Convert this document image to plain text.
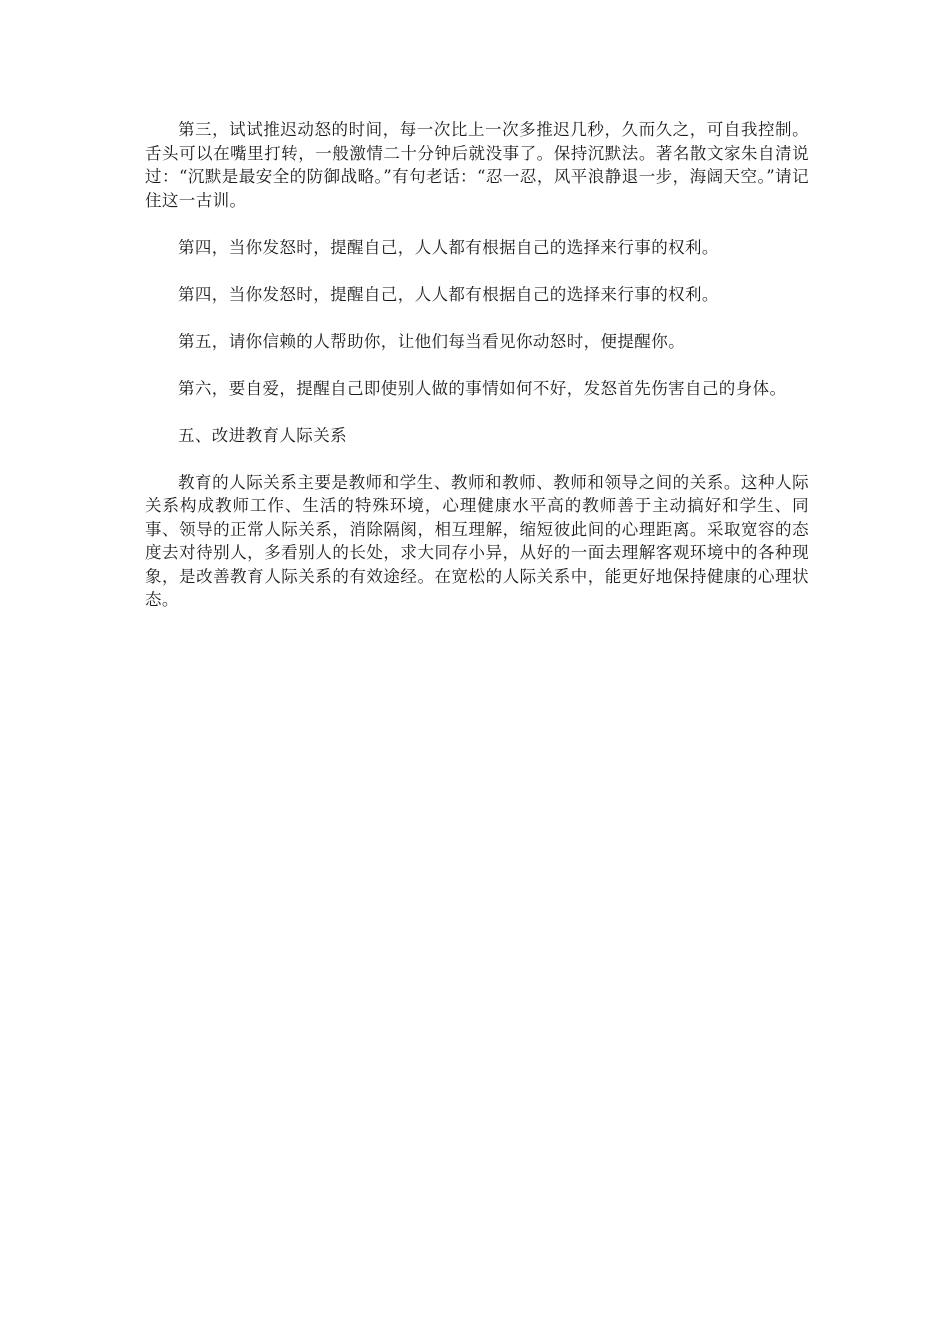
第三，试试推迟动怒的时间，每一次比上一次多推迟几秒，久而久之，可自我控制。舌头可以在嘴里打转，一般激情二十分钟后就没事了。保持沉默法。著名散文家朱自清说过：“沉默是最安全的防御战略。”有句老话：“忍一忍，风平浪静退一步，海阔天空。”请记住这一古训。

第四，当你发怒时，提醒自己，人人都有根据自己的选择来行事的权利。

第四，当你发怒时，提醒自己，人人都有根据自己的选择来行事的权利。

第五，请你信赖的人帮助你，让他们每当看见你动怒时，便提醒你。

第六，要自爱，提醒自己即使别人做的事情如何不好，发怒首先伤害自己的身体。

五、改进教育人际关系

教育的人际关系主要是教师和学生、教师和教师、教师和领导之间的关系。这种人际关系构成教师工作、生活的特殊环境，心理健康水平高的教师善于主动搞好和学生、同事、领导的正常人际关系，消除隔阂，相互理解，缩短彼此间的心理距离。采取宽容的态度去对待别人，多看别人的长处，求大同存小异，从好的一面去理解客观环境中的各种现象，是改善教育人际关系的有效途经。在宽松的人际关系中，能更好地保持健康的心理状态。
